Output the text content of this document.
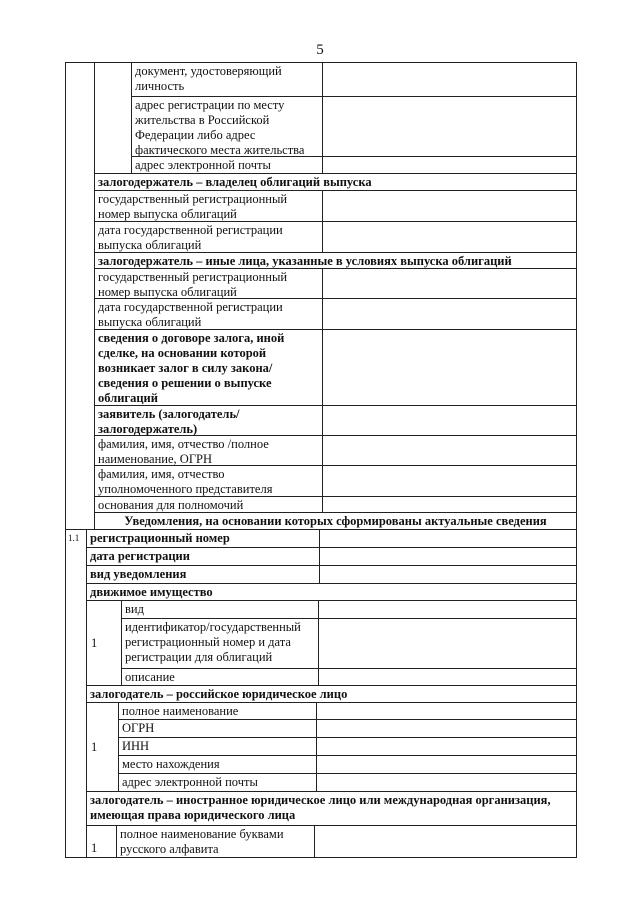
5
документ, удостоверяющий личность
адрес регистрации по месту жительства в Российской Федерации либо адрес фактического места жительства
адрес электронной почты
залогодержатель – владелец облигаций выпуска
государственный регистрационный номер выпуска облигаций
дата государственной регистрации выпуска облигаций
залогодержатель – иные лица, указанные в условиях выпуска облигаций
государственный регистрационный номер выпуска облигаций
дата государственной регистрации выпуска облигаций
сведения о договоре залога, иной сделке, на основании которой возникает залог в силу закона/сведения о решении о выпуске облигаций
заявитель (залогодатель/залогодержатель)
фамилия, имя, отчество /полное наименование, ОГРН
фамилия, имя, отчество уполномоченного представителя
основания для полномочий
Уведомления, на основании которых сформированы актуальные сведения
1.1 регистрационный номер
дата регистрации
вид уведомления
движимое имущество
1
вид
идентификатор/государственный регистрационный номер и дата регистрации для облигаций
описание
залогодатель – российское юридическое лицо
1
полное наименование
ОГРН
ИНН
место нахождения
адрес электронной почты
залогодатель – иностранное юридическое лицо или международная организация, имеющая права юридического лица
1
полное наименование буквами русского алфавита
